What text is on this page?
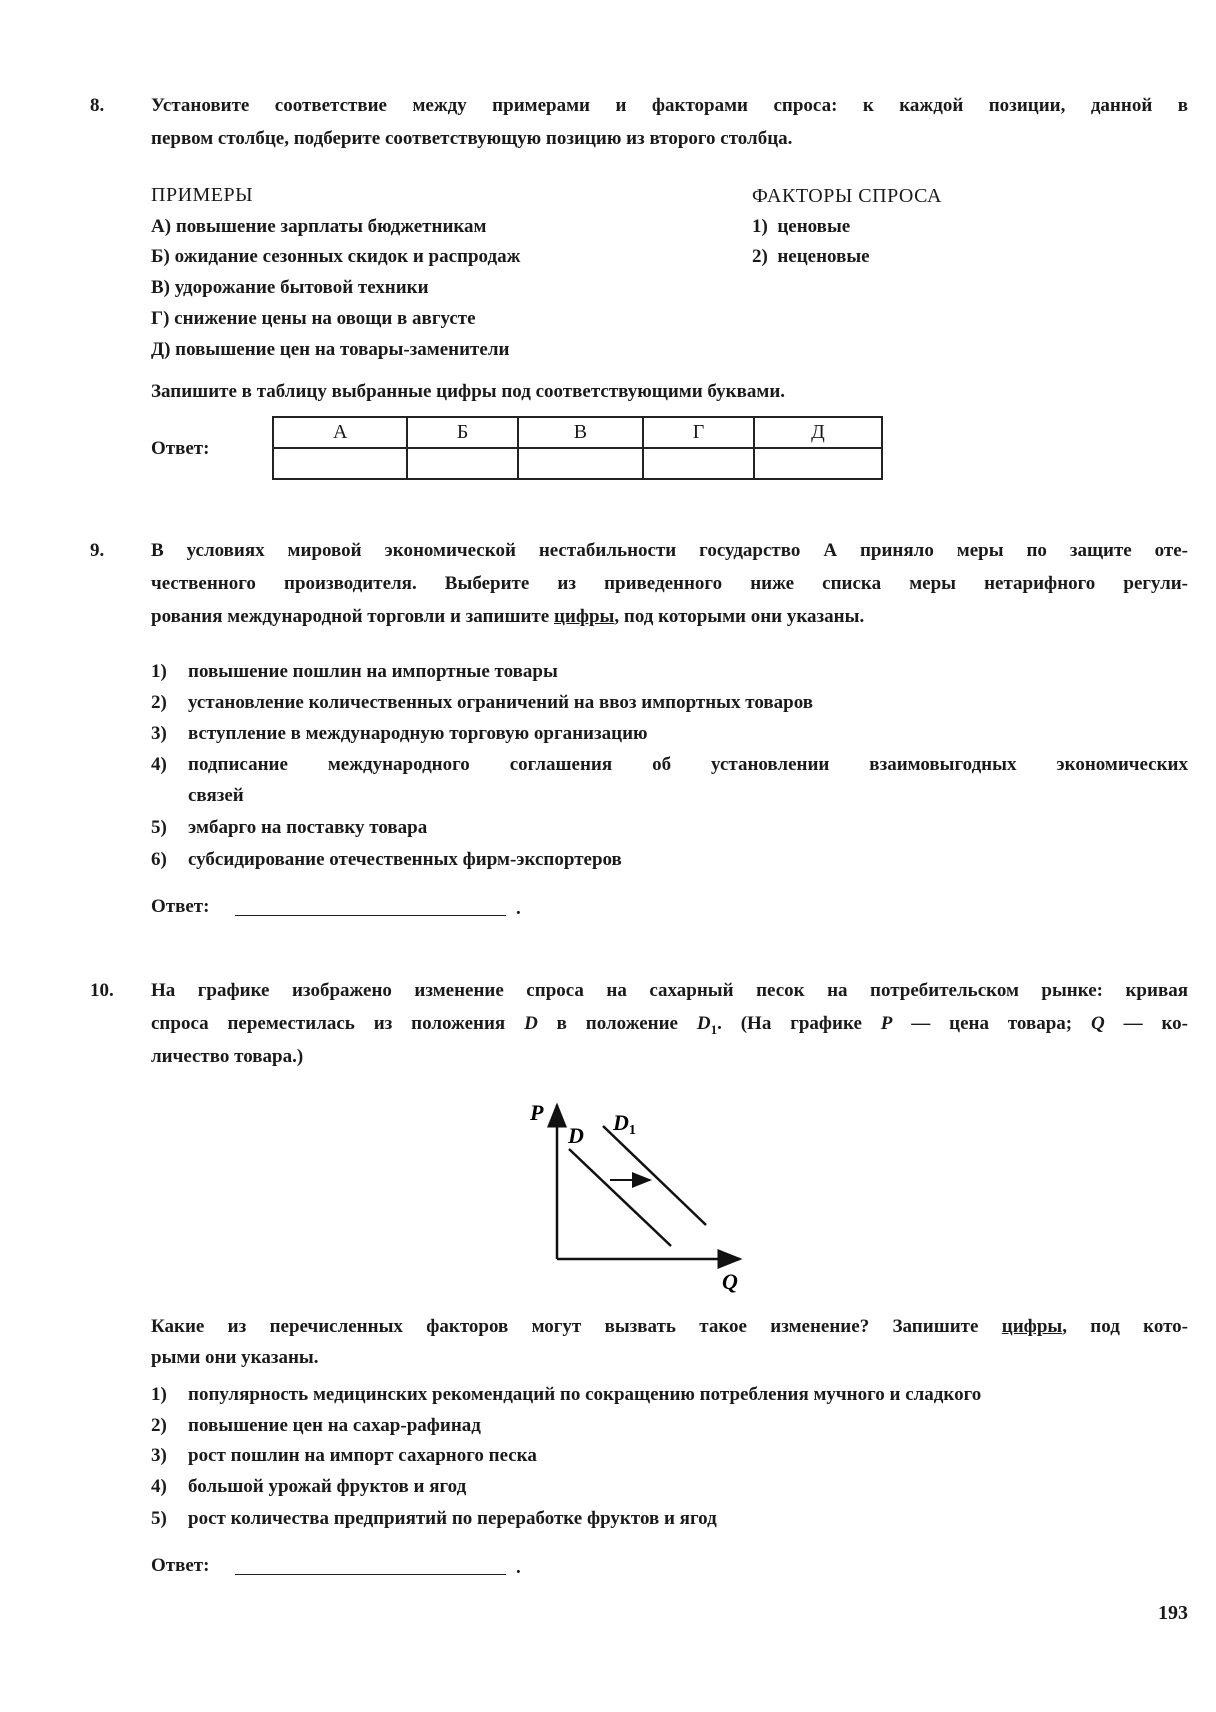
8. Установите соответствие между примерами и факторами спроса: к каждой позиции, данной в
первом столбце, подберите соответствующую позицию из второго столбца.
ПРИМЕРЫ	ФАКТОРЫ СПРОСА
А) повышение зарплаты бюджетникам
Б) ожидание сезонных скидок и распродаж
В) удорожание бытовой техники
Г) снижение цены на овощи в августе
Д) повышение цен на товары-заменители
1) ценовые
2) неценовые
Запишите в таблицу выбранные цифры под соответствующими буквами.
Ответ:
А	Б	В	Г	Д

9. В условиях мировой экономической нестабильности государство А приняло меры по защите оте-
чественного производителя. Выберите из приведенного ниже списка меры нетарифного регули-
рования международной торговли и запишите цифры, под которыми они указаны.
1) повышение пошлин на импортные товары
2) установление количественных ограничений на ввоз импортных товаров
3) вступление в международную торговую организацию
4) подписание международного соглашения об установлении взаимовыгодных экономических
связей
5) эмбарго на поставку товара
6) субсидирование отечественных фирм-экспортеров
Ответ:	.
10. На графике изображено изменение спроса на сахарный песок на потребительском рынке: кривая
спроса переместилась из положения D в положение $D_1$. (На графике P — цена товара; Q — ко-
личество товара.)
P
D
D1
Q
Какие из перечисленных факторов могут вызвать такое изменение? Запишите цифры, под кото-
рыми они указаны.
1) популярность медицинских рекомендаций по сокращению потребления мучного и сладкого
2) повышение цен на сахар-рафинад
3) рост пошлин на импорт сахарного песка
4) большой урожай фруктов и ягод
5) рост количества предприятий по переработке фруктов и ягод
Ответ:	.
193
